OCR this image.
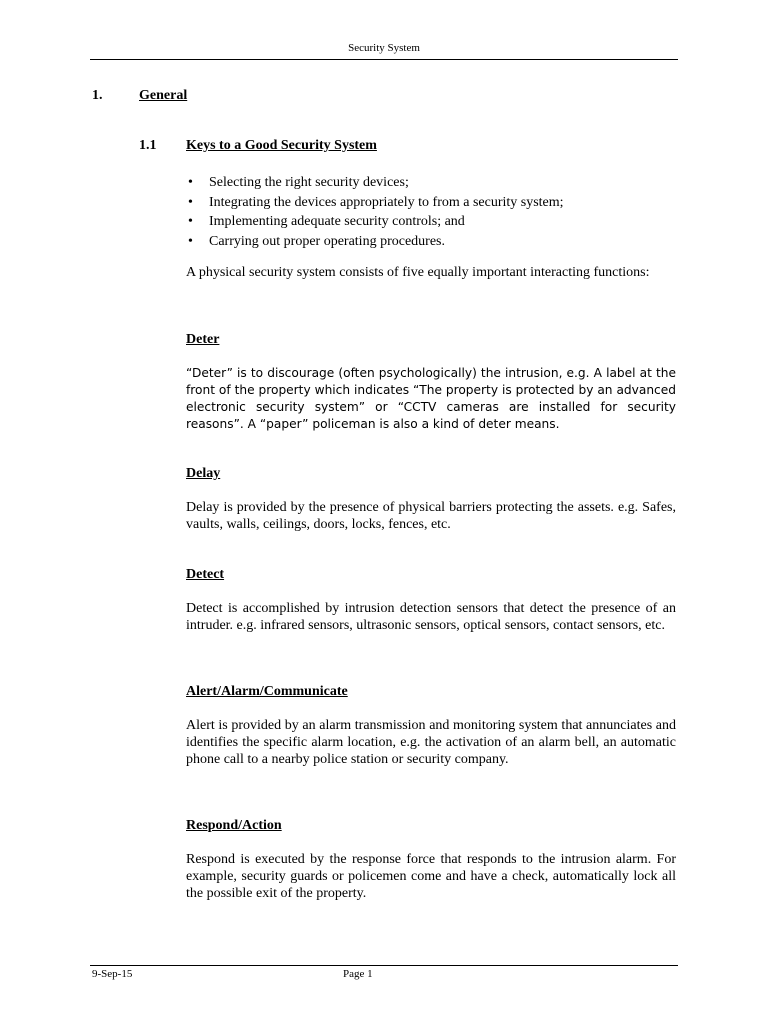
Security System
1.	General
1.1 Keys to a Good Security System
• Selecting the right security devices;
• Integrating the devices appropriately to from a security system;
• Implementing adequate security controls; and
• Carrying out proper operating procedures.

A physical security system consists of five equally important interacting functions:

Deter

“Deter” is to discourage (often psychologically) the intrusion, e.g. A label at the front of the property which indicates “The property is protected by an advanced electronic security system” or “CCTV cameras are installed for security reasons”. A “paper” policeman is also a kind of deter means.

Delay

Delay is provided by the presence of physical barriers protecting the assets. e.g. Safes, vaults, walls, ceilings, doors, locks, fences, etc.

Detect

Detect is accomplished by intrusion detection sensors that detect the presence of an intruder. e.g. infrared sensors, ultrasonic sensors, optical sensors, contact sensors, etc.

Alert/Alarm/Communicate

Alert is provided by an alarm transmission and monitoring system that annunciates and identifies the specific alarm location, e.g. the activation of an alarm bell, an automatic phone call to a nearby police station or security company.

Respond/Action

Respond is executed by the response force that responds to the intrusion alarm. For example, security guards or policemen come and have a check, automatically lock all the possible exit of the property.

9-Sep-15	Page 1
